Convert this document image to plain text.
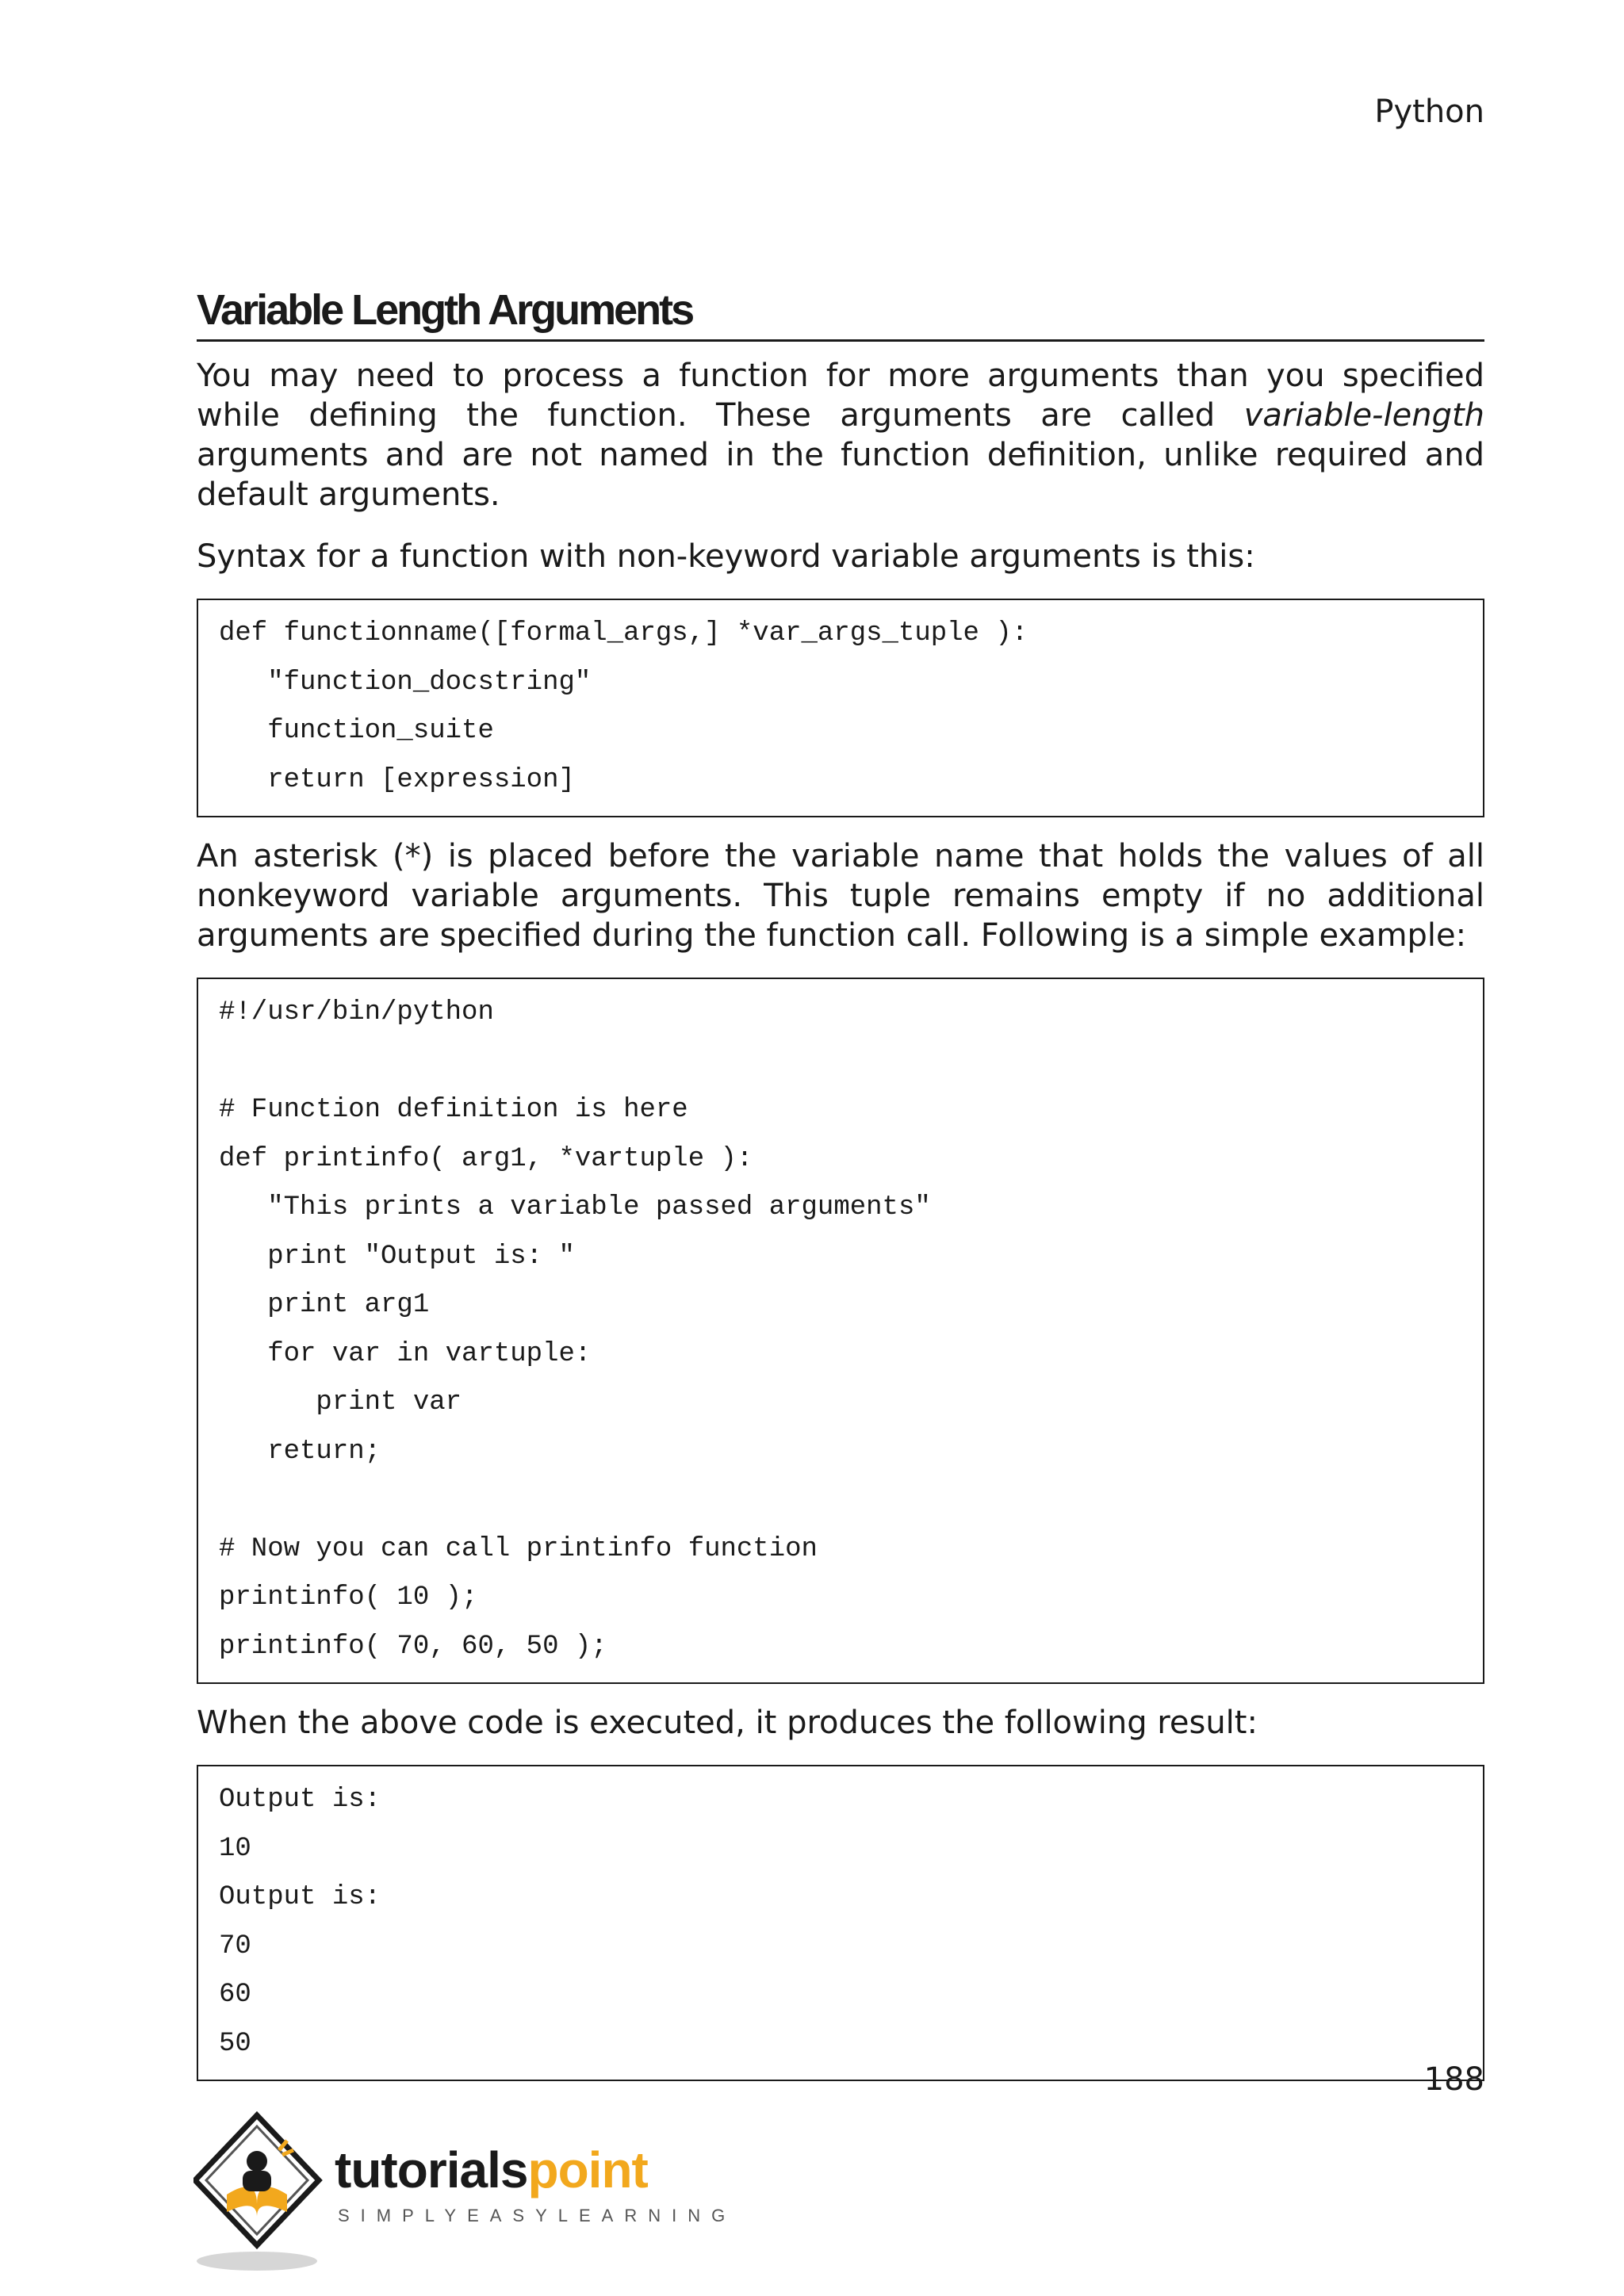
Python
Variable Length Arguments

You may need to process a function for more arguments than you specified while defining the function. These arguments are called variable-length arguments and are not named in the function definition, unlike required and default arguments.

Syntax for a function with non-keyword variable arguments is this:

def functionname([formal_args,] *var_args_tuple ):
"function_docstring"
function_suite
return [expression]

An asterisk (*) is placed before the variable name that holds the values of all nonkeyword variable arguments. This tuple remains empty if no additional arguments are specified during the function call. Following is a simple example:

#!/usr/bin/python
# Function definition is here
def printinfo( arg1, *vartuple ):
"This prints a variable passed arguments"
print "Output is: "
print arg1
for var in vartuple:
print var
return;
# Now you can call printinfo function
printinfo( 10 );
printinfo( 70, 60, 50 );

When the above code is executed, it produces the following result:

Output is:
10
Output is:
70
60
50
188
tutorialspoint
SIMPLYEASYLEARNING
